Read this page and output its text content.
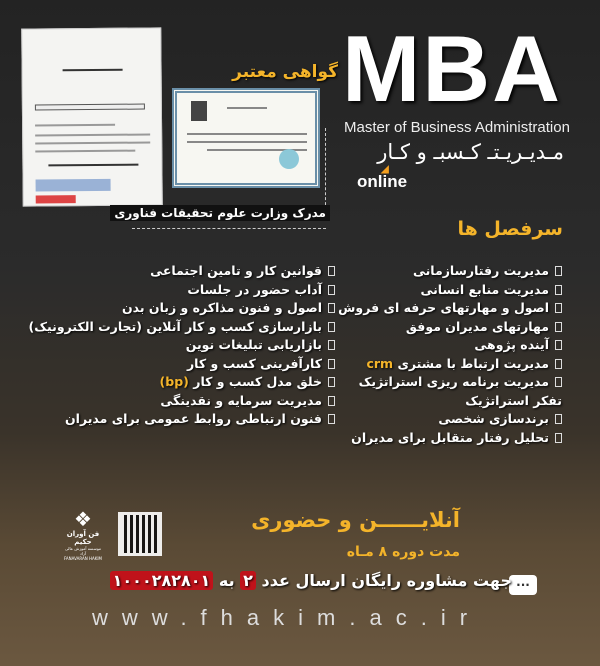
گواهی معتبر
مدرک وزارت علوم تحقیقات فناوری
MBA
Master of Business Administration
مـدیـریـتـ کـسبـ و کـار
◢
online
سرفصل ها
مدیریت رفتارسازمانی
مدیریت منابع انسانی
اصول و مهارتهای حرفه ای فروش
مهارتهای مدیران موفق
آینده پژوهی
مدیریت ارتباط با مشتری crm
مدیریت برنامه ریزی استراتژیک
تفکر استراتژیک
برندسازی شخصی
تحلیل رفتار متقابل برای مدیران
قوانین کار و تامین اجتماعی
آداب حضور در جلسات
اصول و فنون مذاکره و زبان بدن
بازارسازی کسب و کار آنلاین (تجارت الکترونیک)
بازاریابی تبلیغات نوین
کارآفرینی کسب و کار
خلق مدل کسب و کار (bp)
مدیریت سرمایه و نقدینگی
فنون ارتباطی روابط عمومی برای مدیران
❖
فن آوران حکیم
موسسه آموزش عالی آزاد
FANAVARAN HAKIM
آنلایــــــن و حضوری
مدت دوره ۸ مـاه
...
جهت مشاوره رایگان ارسال عدد ۲ به ۱۰۰۰۲۸۲۸۰۱
www.fhakim.ac.ir
